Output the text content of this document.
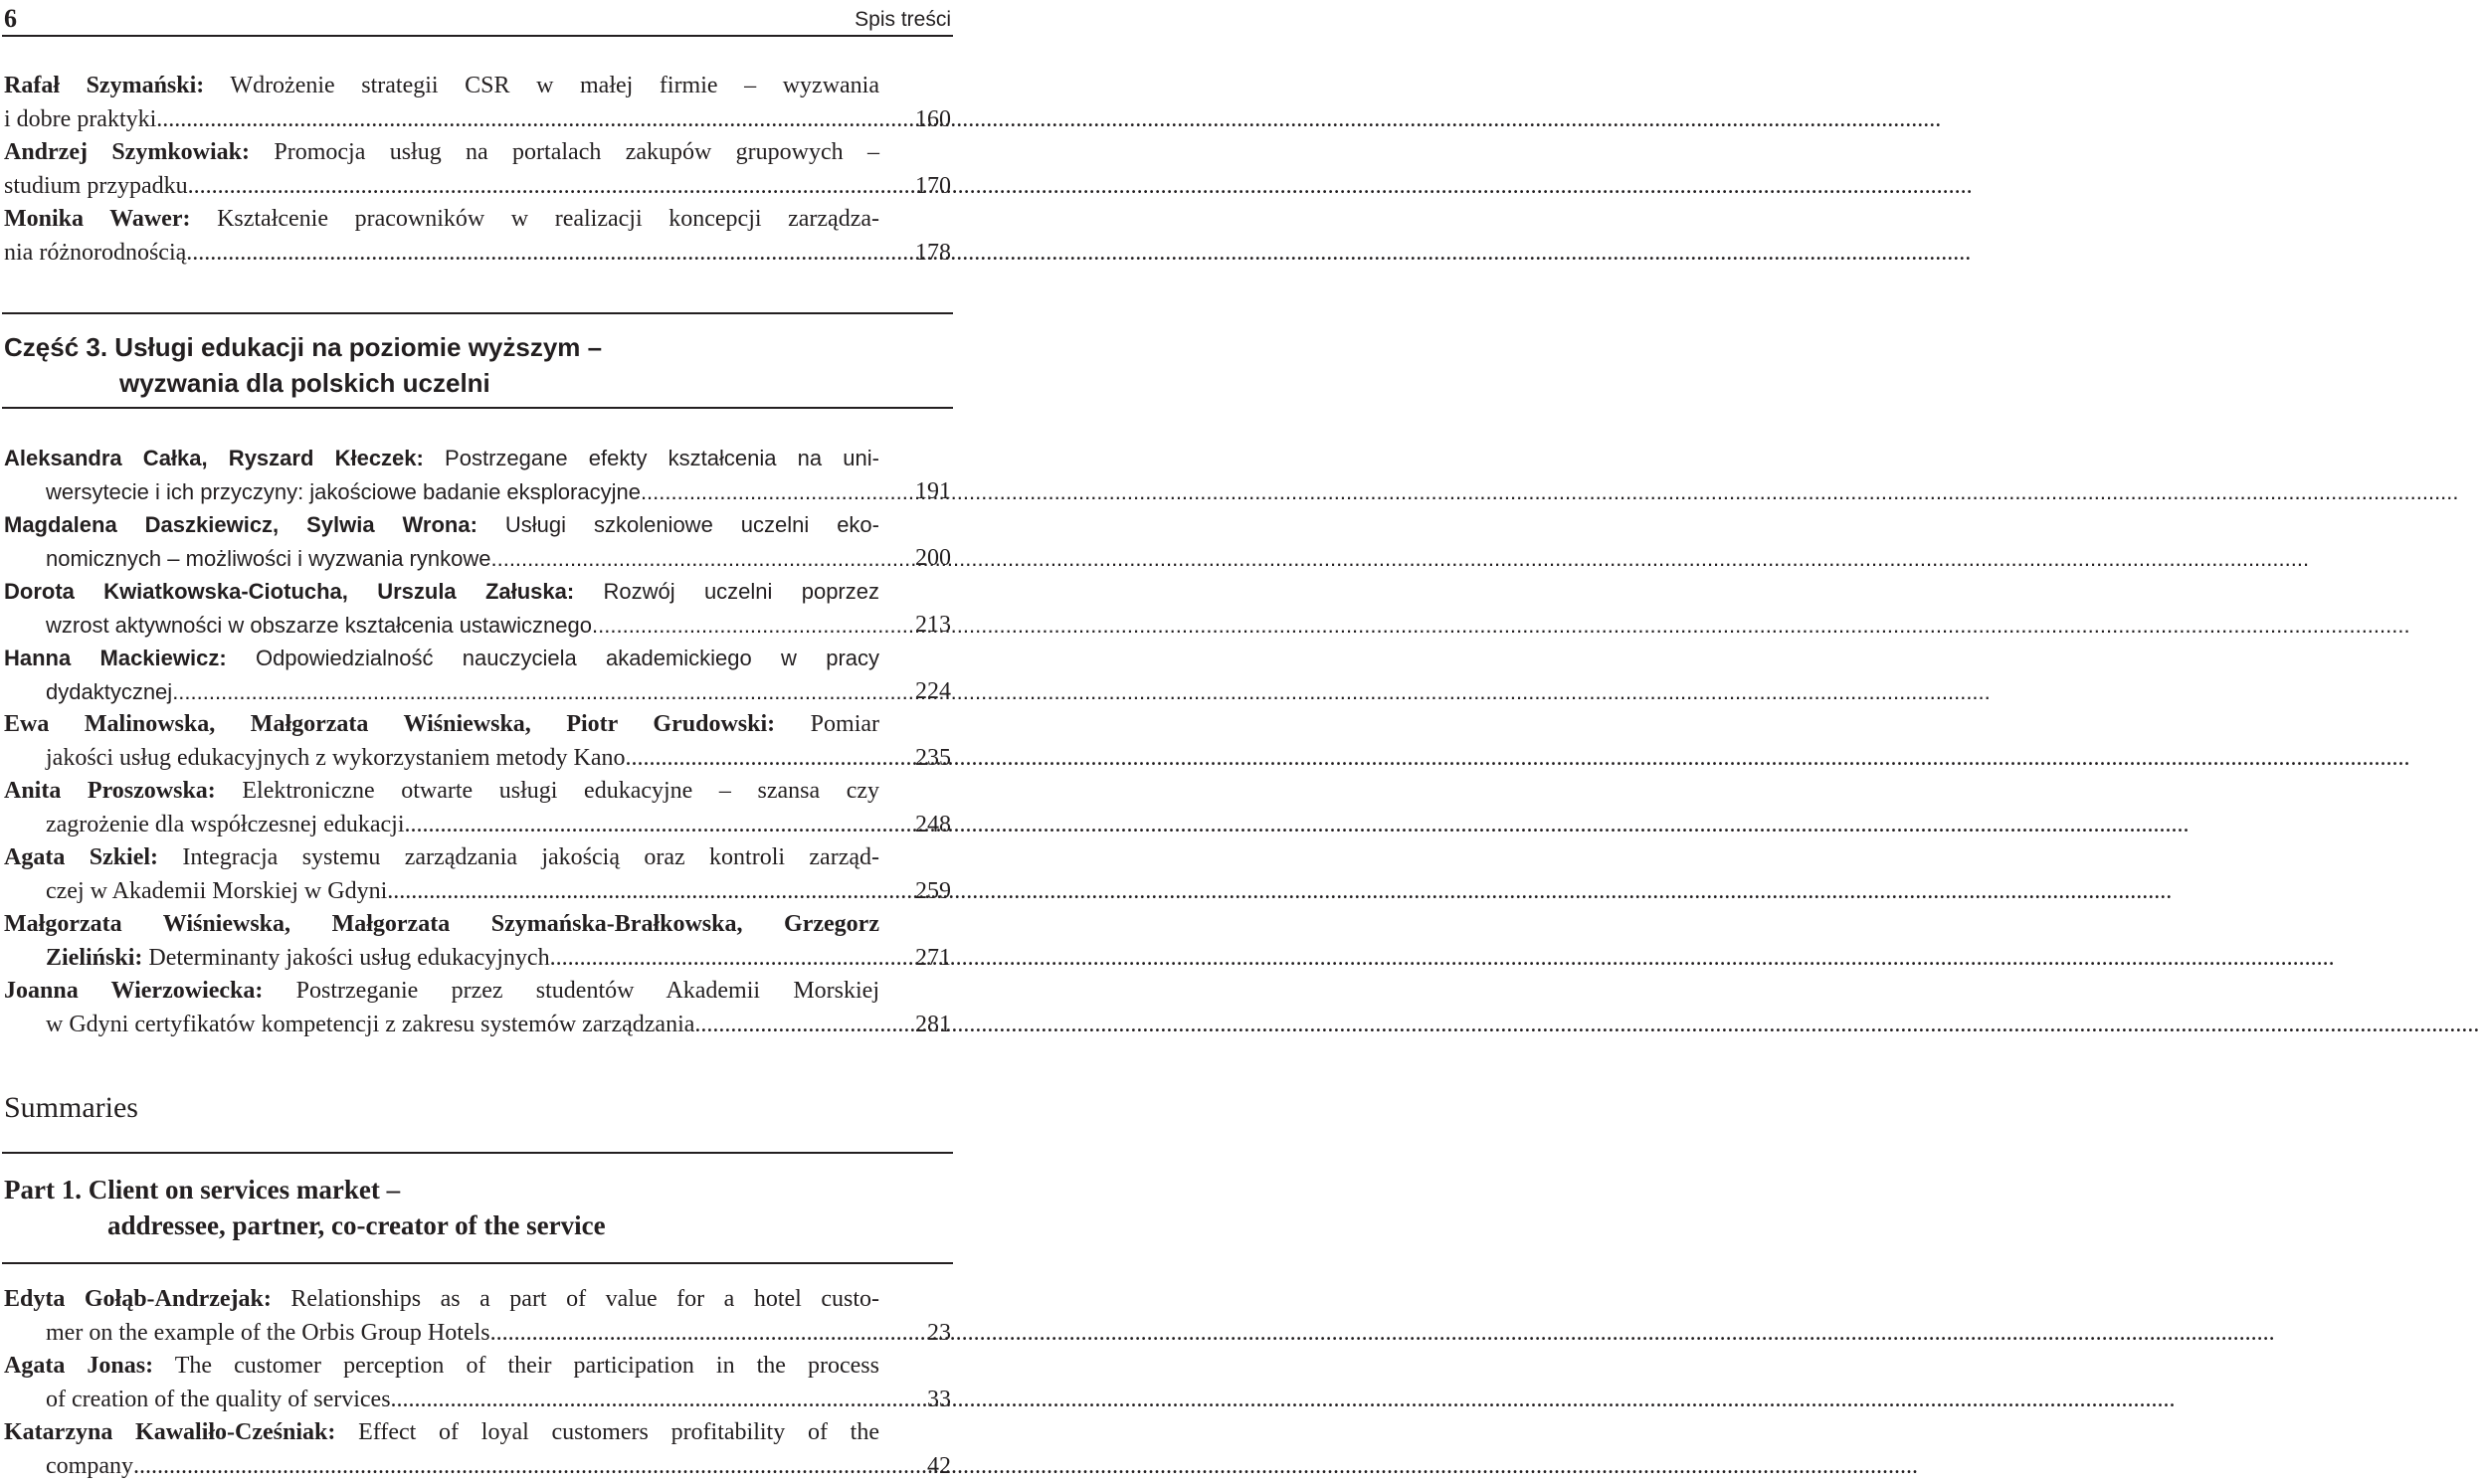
6	Spis treści
Rafał Szymański: Wdrożenie strategii CSR w małej firmie – wyzwania
i dobre praktyki .....	160
Andrzej Szymkowiak: Promocja usług na portalach zakupów grupowych –
studium przypadku .....	170
Monika Wawer: Kształcenie pracowników w realizacji koncepcji zarządza-
nia różnorodnością .....	178
Część 3. Usługi edukacji na poziomie wyższym –
wyzwania dla polskich uczelni
Aleksandra Całka, Ryszard Kłeczek: Postrzegane efekty kształcenia na uni-
wersytecie i ich przyczyny: jakościowe badanie eksploracyjne .....	191
Magdalena Daszkiewicz, Sylwia Wrona: Usługi szkoleniowe uczelni eko-
nomicznych – możliwości i wyzwania rynkowe .....	200
Dorota Kwiatkowska-Ciotucha, Urszula Załuska: Rozwój uczelni poprzez
wzrost aktywności w obszarze kształcenia ustawicznego .....	213
Hanna Mackiewicz: Odpowiedzialność nauczyciela akademickiego w pracy
dydaktycznej .....	224
Ewa Malinowska, Małgorzata Wiśniewska, Piotr Grudowski: Pomiar
jakości usług edukacyjnych z wykorzystaniem metody Kano .....	235
Anita Proszowska: Elektroniczne otwarte usługi edukacyjne – szansa czy
zagrożenie dla współczesnej edukacji .....	248
Agata Szkiel: Integracja systemu zarządzania jakością oraz kontroli zarząd-
czej w Akademii Morskiej w Gdyni .....	259
Małgorzata Wiśniewska, Małgorzata Szymańska-Brałkowska, Grzegorz
Zieliński: Determinanty jakości usług edukacyjnych .....	271
Joanna Wierzowiecka: Postrzeganie przez studentów Akademii Morskiej
w Gdyni certyfikatów kompetencji z zakresu systemów zarządzania .....	281
Summaries
Part 1. Client on services market –
addressee, partner, co-creator of the service
Edyta Gołąb-Andrzejak: Relationships as a part of value for a hotel custo-
mer on the example of the Orbis Group Hotels .....	23
Agata Jonas: The customer perception of their participation in the process
of creation of the quality of services .....	33
Katarzyna Kawaliło-Cześniak: Effect of loyal customers profitability of the
company .....	42
